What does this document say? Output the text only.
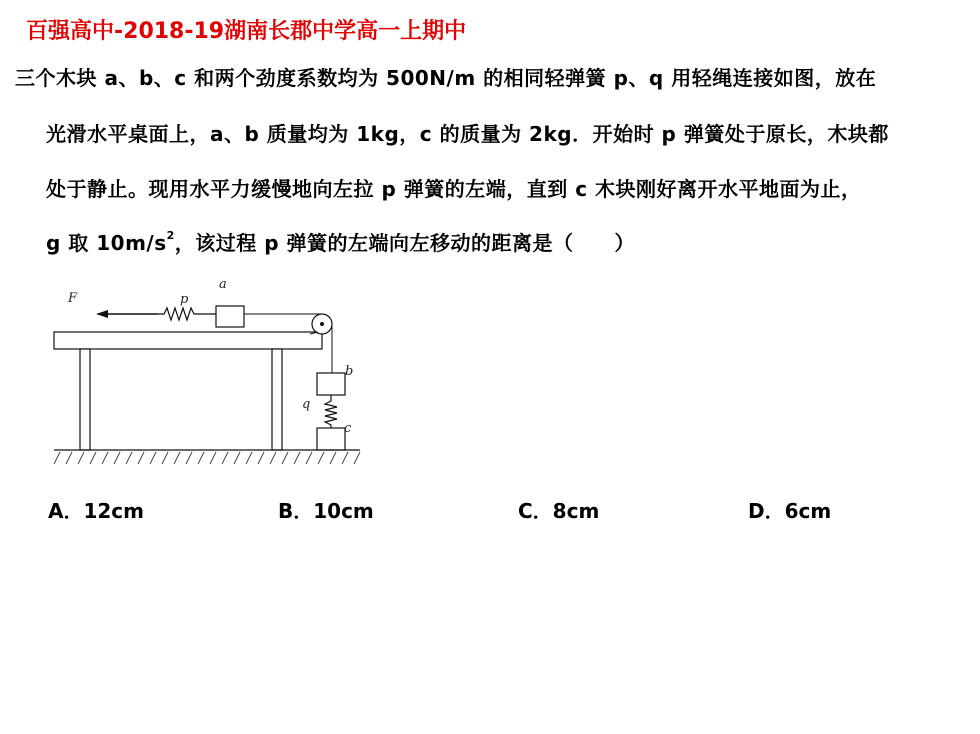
百强高中-2018-19湖南长郡中学高一上期中
三个木块 a、b、c 和两个劲度系数均为 500N/m 的相同轻弹簧 p、q 用轻绳连接如图，放在
光滑水平桌面上，a、b 质量均为 1kg，c 的质量为 2kg．开始时 p 弹簧处于原长，木块都
处于静止。现用水平力缓慢地向左拉 p 弹簧的左端，直到 c 木块刚好离开水平地面为止，
g 取 $10m/s^2$，该过程 p 弹簧的左端向左移动的距离是（　　）
F	p
a
b
q
c
A．12cm	B．10cm	C．8cm	D．6cm
